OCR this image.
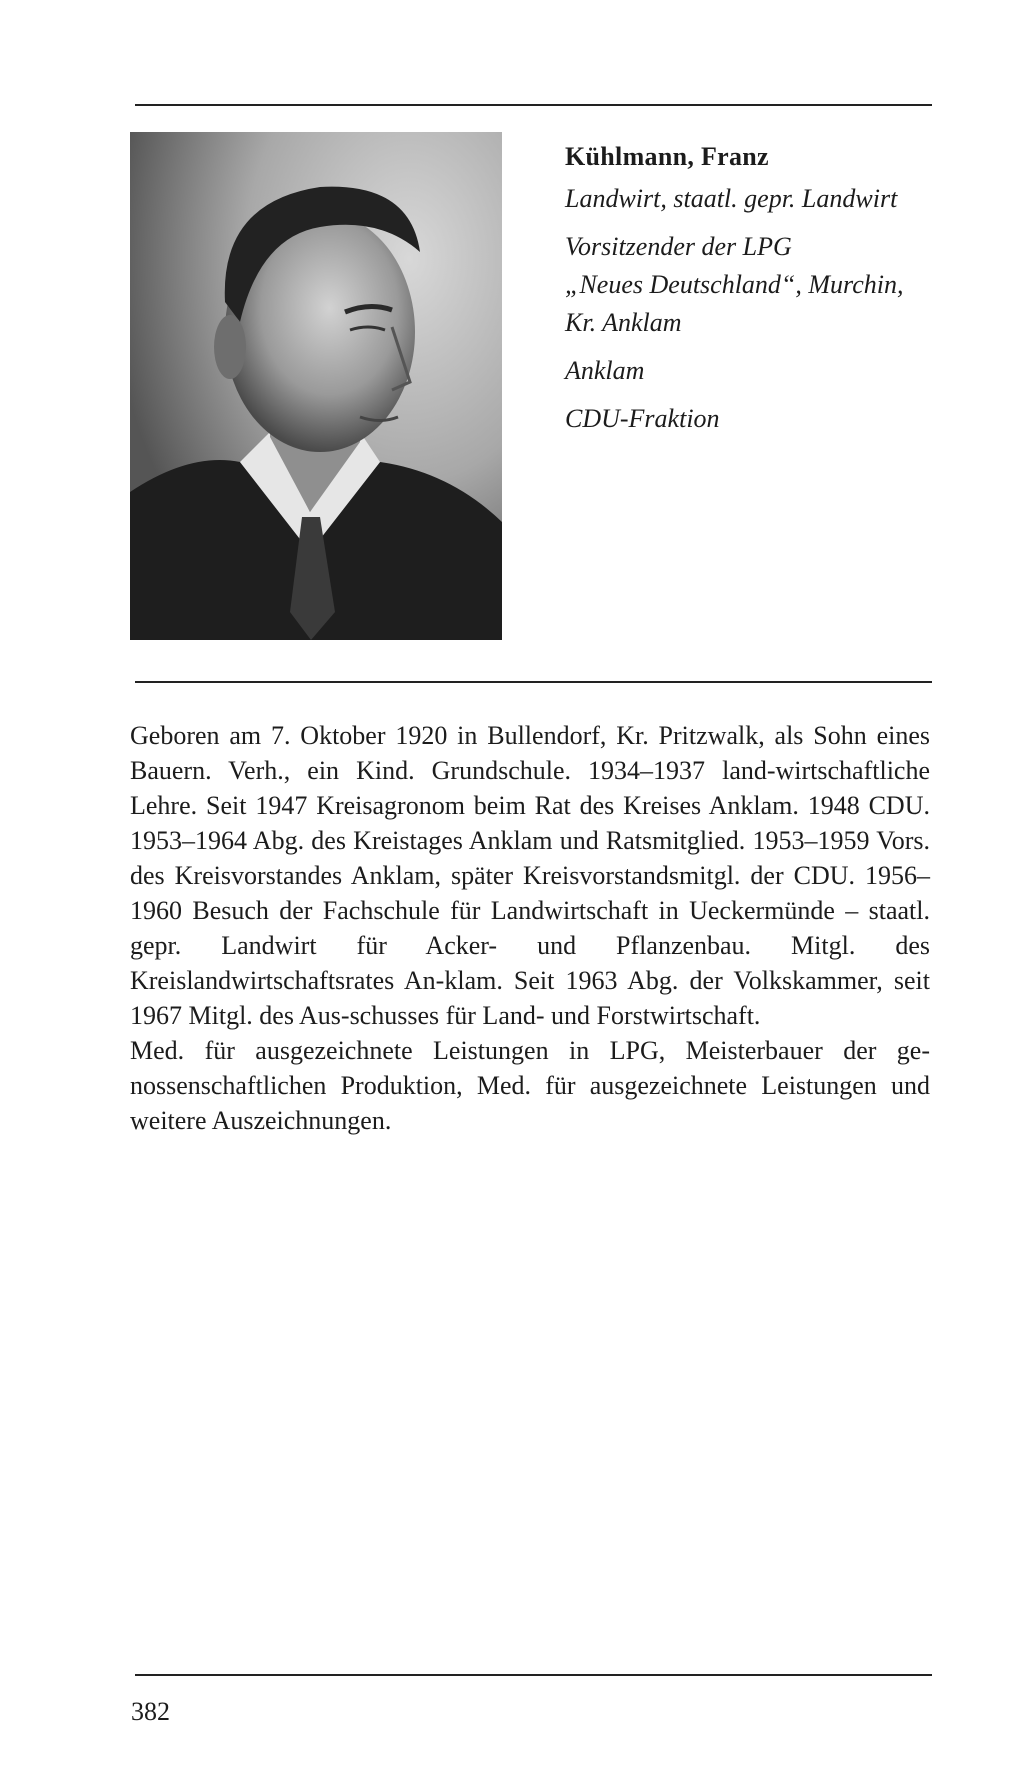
Kühlmann, Franz
Landwirt, staatl. gepr. Landwirt
Vorsitzender der LPG
„Neues Deutschland“, Murchin,
Kr. Anklam
Anklam
CDU-Fraktion

Geboren am 7. Oktober 1920 in Bullendorf, Kr. Pritzwalk, als Sohn eines Bauern. Verh., ein Kind. Grundschule. 1934–1937 land-wirtschaftliche Lehre. Seit 1947 Kreisagronom beim Rat des Kreises Anklam. 1948 CDU. 1953–1964 Abg. des Kreistages Anklam und Ratsmitglied. 1953–1959 Vors. des Kreisvorstandes Anklam, später Kreisvorstandsmitgl. der CDU. 1956–1960 Besuch der Fachschule für Landwirtschaft in Ueckermünde – staatl. gepr. Landwirt für Acker- und Pflanzenbau. Mitgl. des Kreislandwirtschaftsrates An-klam. Seit 1963 Abg. der Volkskammer, seit 1967 Mitgl. des Aus-schusses für Land- und Forstwirtschaft.

Med. für ausgezeichnete Leistungen in LPG, Meisterbauer der ge-nossenschaftlichen Produktion, Med. für ausgezeichnete Leistungen und weitere Auszeichnungen.

382
